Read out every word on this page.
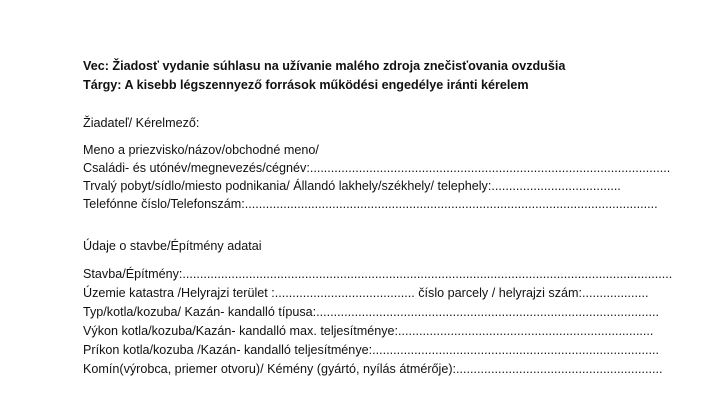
Vec: Žiadosť vydanie súhlasu na užívanie malého zdroja znečisťovania ovzdušia
Tárgy: A kisebb légszennyező források működési engedélye iránti kérelem
Žiadateľ/ Kérelmező:
Meno a priezvisko/názov/obchodné meno/
Családi- és utónév/megnevezés/cégnév:.......................................................................................................
Trvalý pobyt/sídlo/miesto podnikania/ Állandó lakhely/székhely/ telephely:.....................................
Telefónne číslo/Telefonszám:......................................................................................................................
Údaje o stavbe/Építmény adatai
Stavba/Építmény:............................................................................................................................................
Územie katastra /Helyrajzi terület :........................................ číslo parcely / helyrajzi szám:...................
Typ/kotla/kozuba/ Kazán- kandalló típusa:..................................................................................................
Výkon kotla/kozuba/Kazán- kandalló max. teljesítménye:.........................................................................
Príkon kotla/kozuba /Kazán- kandalló teljesítménye:..................................................................................
Komín(výrobca, priemer otvoru)/ Kémény (gyártó, nyílás átmérője):...........................................................
